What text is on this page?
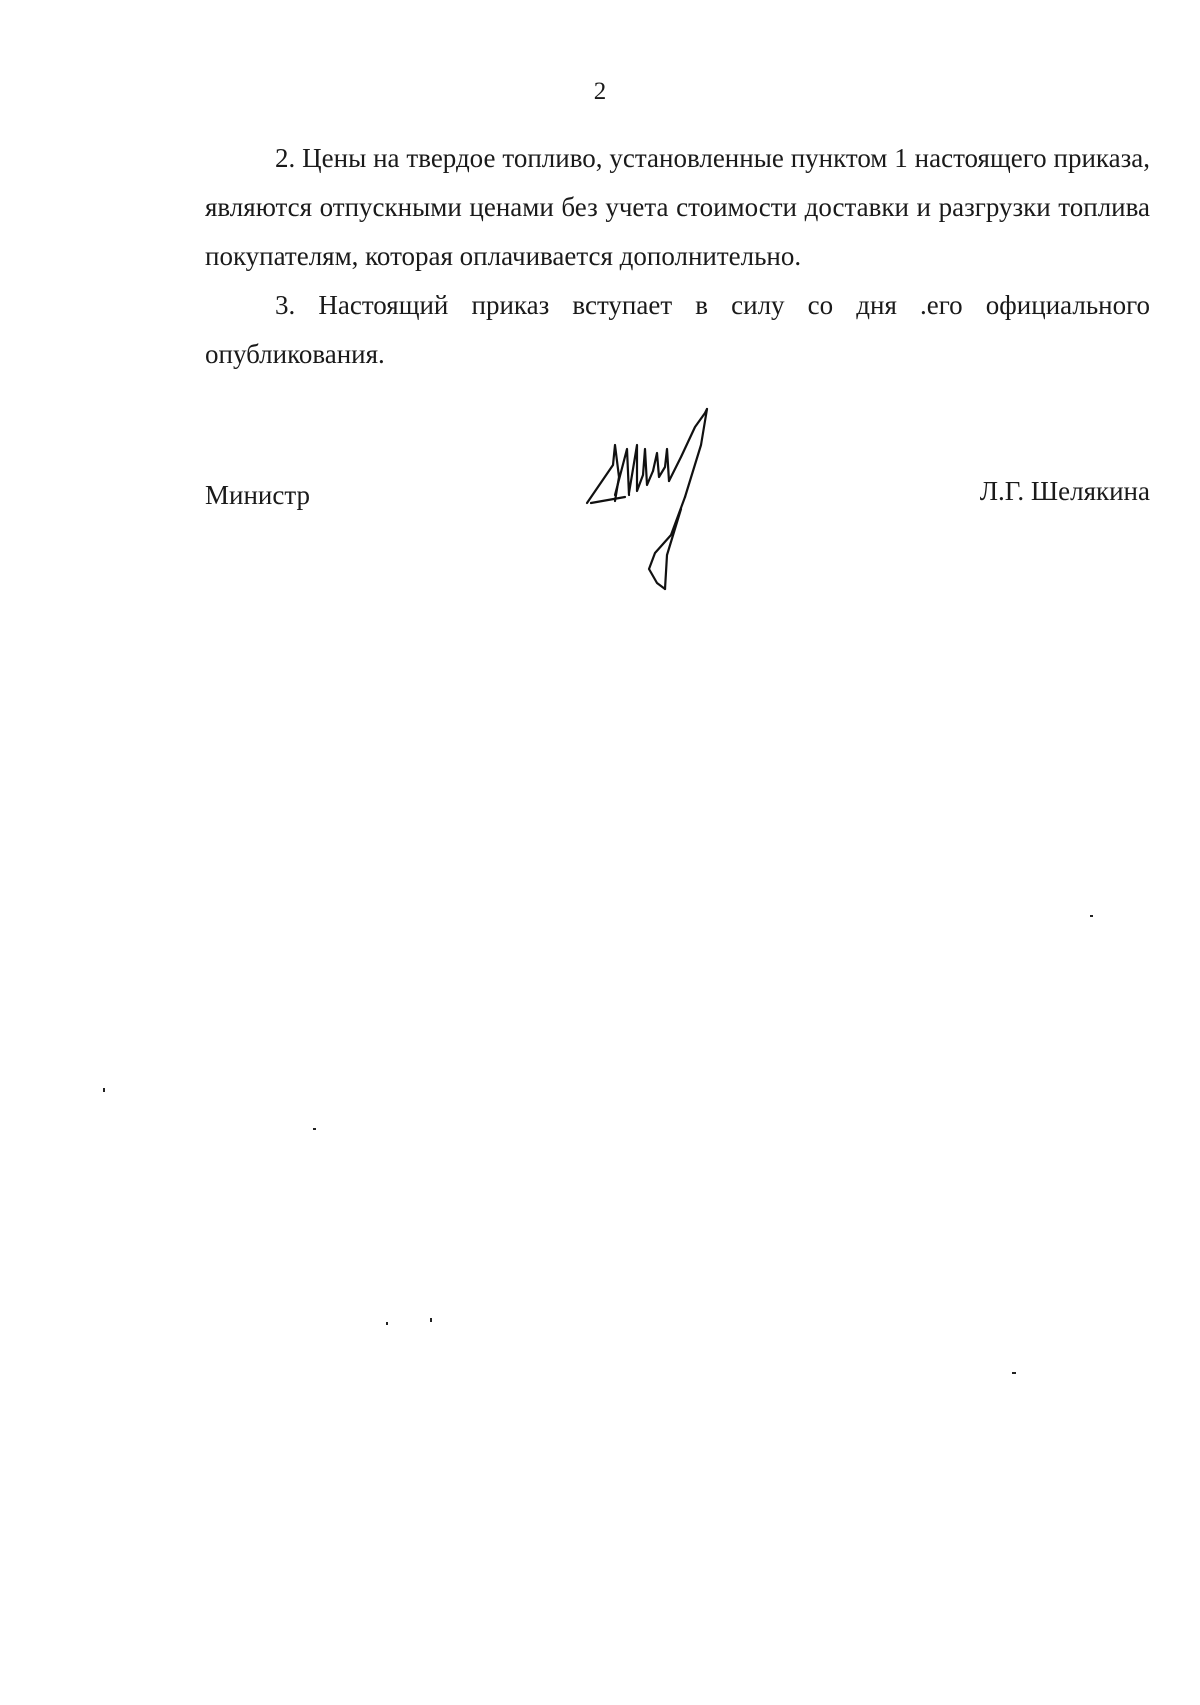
2

2. Цены на твердое топливо, установленные пунктом 1 настоящего приказа, являются отпускными ценами без учета стоимости доставки и разгрузки топлива покупателям, которая оплачивается дополнительно.

3. Настоящий приказ вступает в силу со дня .его официального опубликования.

Министр	Л.Г. Шелякина
